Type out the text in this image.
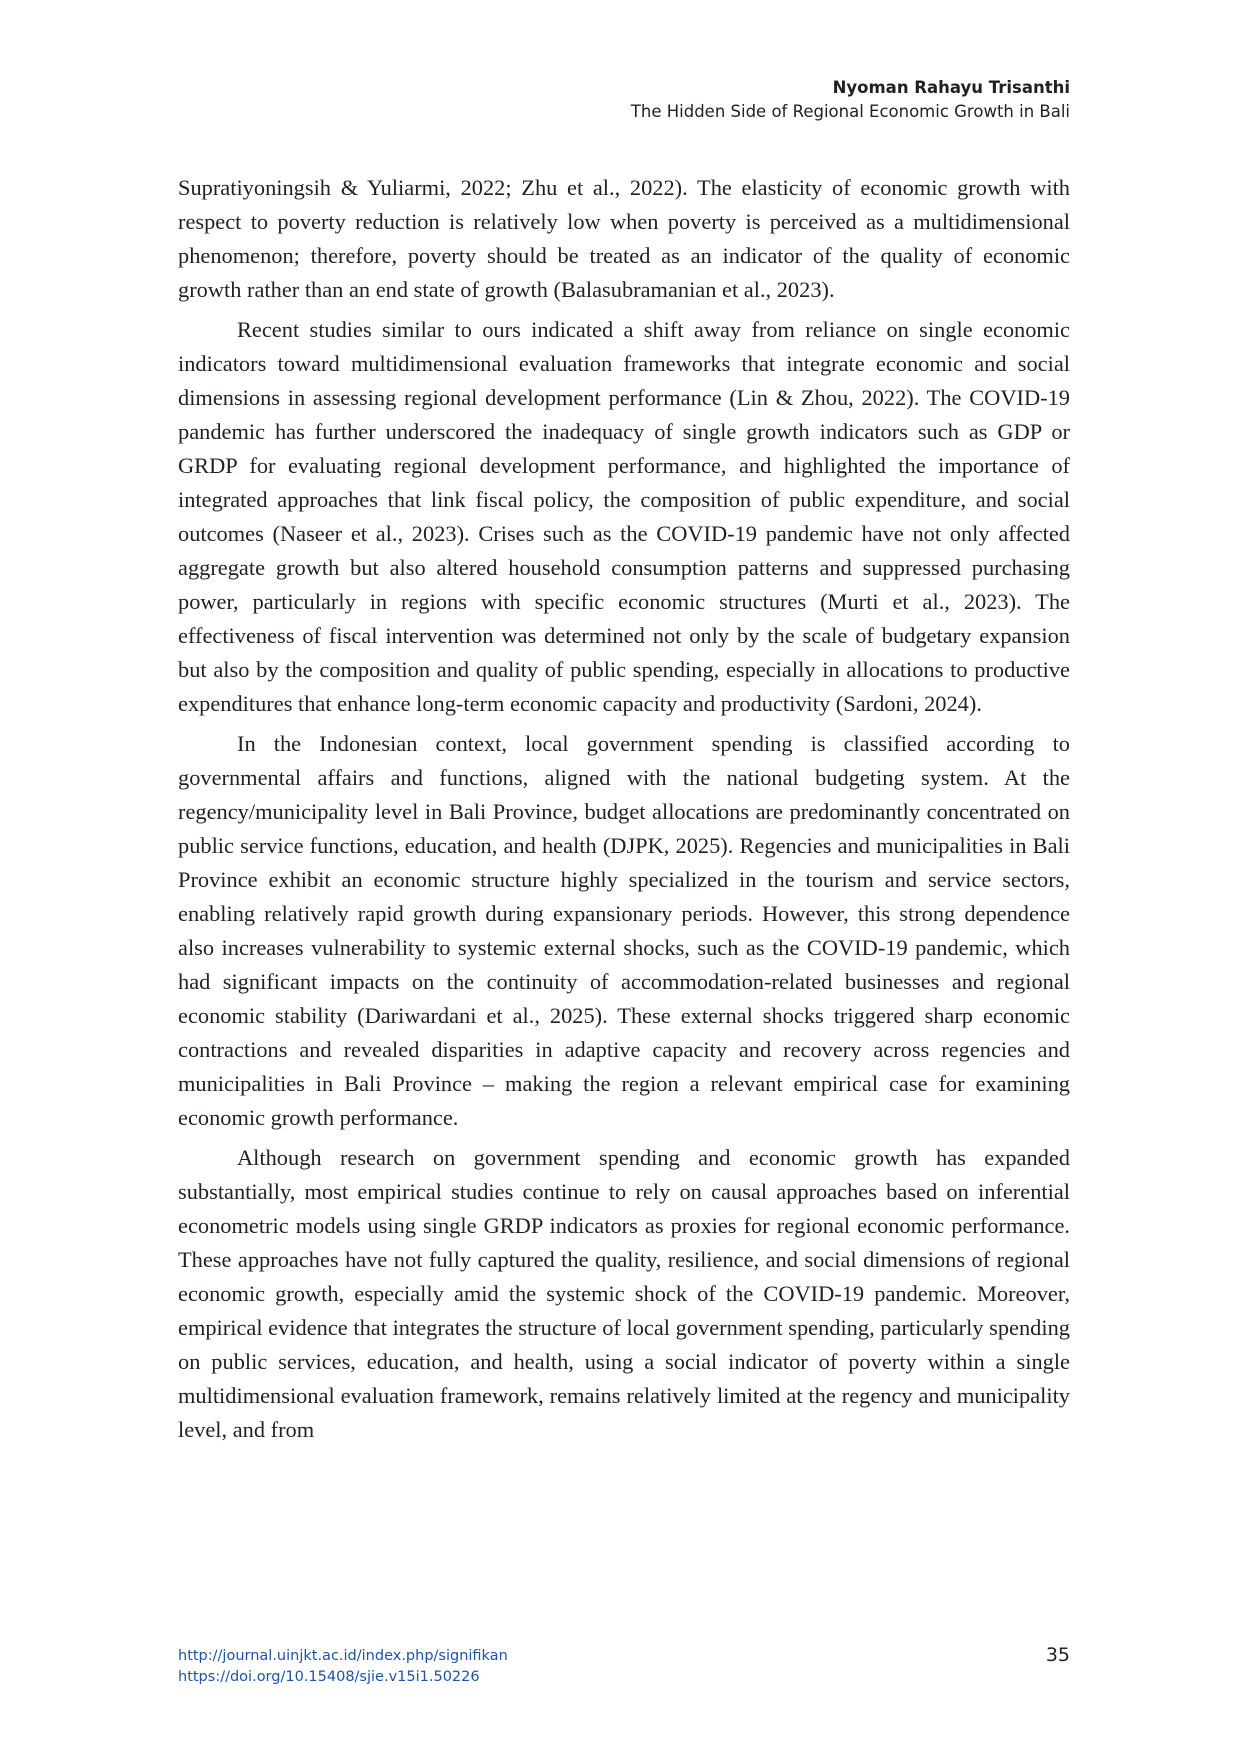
Nyoman Rahayu Trisanthi
The Hidden Side of Regional Economic Growth in Bali

Supratiyoningsih & Yuliarmi, 2022; Zhu et al., 2022). The elasticity of economic growth with respect to poverty reduction is relatively low when poverty is perceived as a multidimensional phenomenon; therefore, poverty should be treated as an indicator of the quality of economic growth rather than an end state of growth (Balasubramanian et al., 2023).

Recent studies similar to ours indicated a shift away from reliance on single economic indicators toward multidimensional evaluation frameworks that integrate economic and social dimensions in assessing regional development performance (Lin & Zhou, 2022). The COVID-19 pandemic has further underscored the inadequacy of single growth indicators such as GDP or GRDP for evaluating regional development performance, and highlighted the importance of integrated approaches that link fiscal policy, the composition of public expenditure, and social outcomes (Naseer et al., 2023). Crises such as the COVID-19 pandemic have not only affected aggregate growth but also altered household consumption patterns and suppressed purchasing power, particularly in regions with specific economic structures (Murti et al., 2023). The effectiveness of fiscal intervention was determined not only by the scale of budgetary expansion but also by the composition and quality of public spending, especially in allocations to productive expenditures that enhance long-term economic capacity and productivity (Sardoni, 2024).

In the Indonesian context, local government spending is classified according to governmental affairs and functions, aligned with the national budgeting system. At the regency/municipality level in Bali Province, budget allocations are predominantly concentrated on public service functions, education, and health (DJPK, 2025). Regencies and municipalities in Bali Province exhibit an economic structure highly specialized in the tourism and service sectors, enabling relatively rapid growth during expansionary periods. However, this strong dependence also increases vulnerability to systemic external shocks, such as the COVID-19 pandemic, which had significant impacts on the continuity of accommodation-related businesses and regional economic stability (Dariwardani et al., 2025). These external shocks triggered sharp economic contractions and revealed disparities in adaptive capacity and recovery across regencies and municipalities in Bali Province – making the region a relevant empirical case for examining economic growth performance.

Although research on government spending and economic growth has expanded substantially, most empirical studies continue to rely on causal approaches based on inferential econometric models using single GRDP indicators as proxies for regional economic performance. These approaches have not fully captured the quality, resilience, and social dimensions of regional economic growth, especially amid the systemic shock of the COVID-19 pandemic. Moreover, empirical evidence that integrates the structure of local government spending, particularly spending on public services, education, and health, using a social indicator of poverty within a single multidimensional evaluation framework, remains relatively limited at the regency and municipality level, and from

http://journal.uinjkt.ac.id/index.php/signifikan
https://doi.org/10.15408/sjie.v15i1.50226
35
